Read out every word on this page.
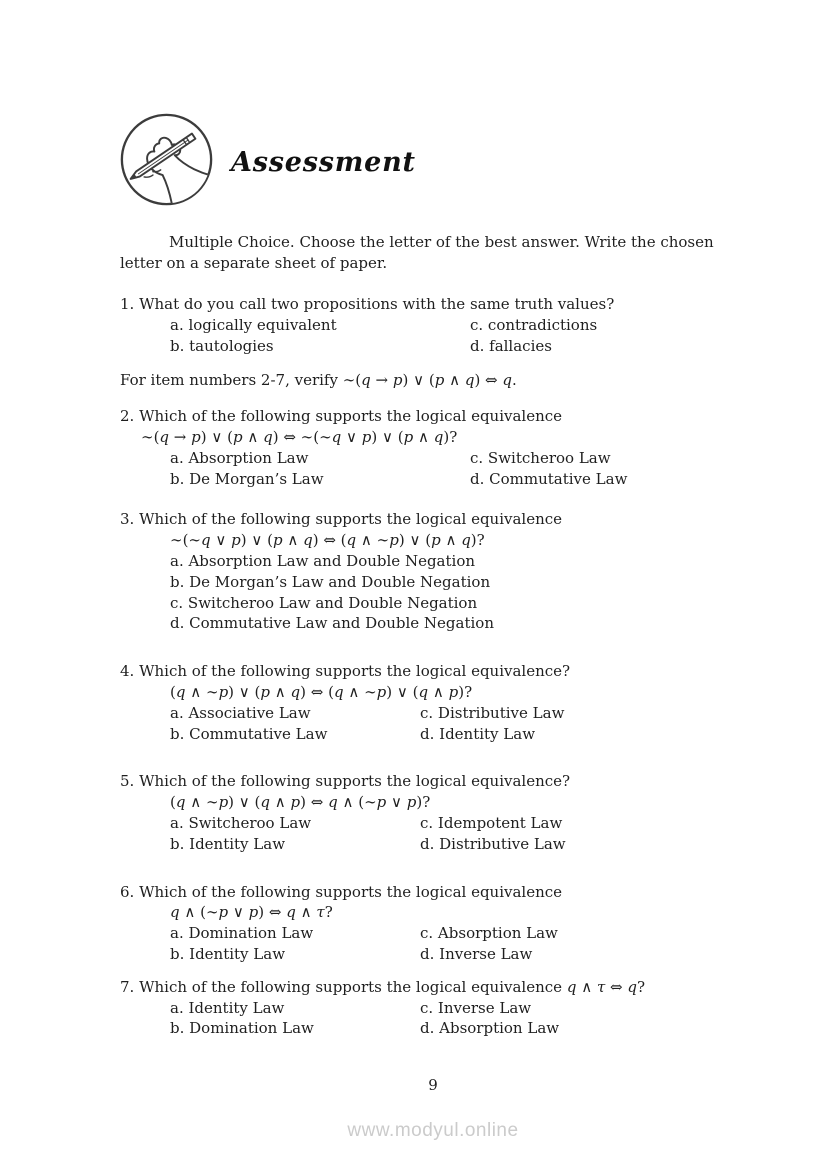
Assessment

Multiple Choice. Choose the letter of the best answer. Write the chosen letter on a separate sheet of paper.

1. What do you call two propositions with the same truth values?
a. logically equivalent
b. tautologies
c. contradictions
d. fallacies
For item numbers 2-7, verify ∼(q → p) ∨ (p ∧ q) ⇔ q.
2. Which of the following supports the logical equivalence
∼(q → p) ∨ (p ∧ q) ⇔ ∼(∼q ∨ p) ∨ (p ∧ q)?
a. Absorption Law
b. De Morgan’s Law
c. Switcheroo Law
d. Commutative Law
3. Which of the following supports the logical equivalence
∼(∼q ∨ p) ∨ (p ∧ q) ⇔ (q ∧ ∼p) ∨ (p ∧ q)?
a. Absorption Law and Double Negation
b. De Morgan’s Law and Double Negation
c. Switcheroo Law and Double Negation
d. Commutative Law and Double Negation
4. Which of the following supports the logical equivalence?
(q ∧ ∼p) ∨ (p ∧ q) ⇔ (q ∧ ∼p) ∨ (q ∧ p)?
a. Associative Law
b. Commutative Law
c. Distributive Law
d. Identity Law
5. Which of the following supports the logical equivalence?
(q ∧ ∼p) ∨ (q ∧ p) ⇔ q ∧ (∼p ∨ p)?
a. Switcheroo Law
b. Identity Law
c. Idempotent Law
d. Distributive Law
6. Which of the following supports the logical equivalence
q ∧ (∼p ∨ p) ⇔ q ∧ τ?
a. Domination Law
b. Identity Law
c. Absorption Law
d. Inverse Law
7. Which of the following supports the logical equivalence q ∧ τ ⇔ q?
a. Identity Law
b. Domination Law
c. Inverse Law
d. Absorption Law
9
www.modyul.online
